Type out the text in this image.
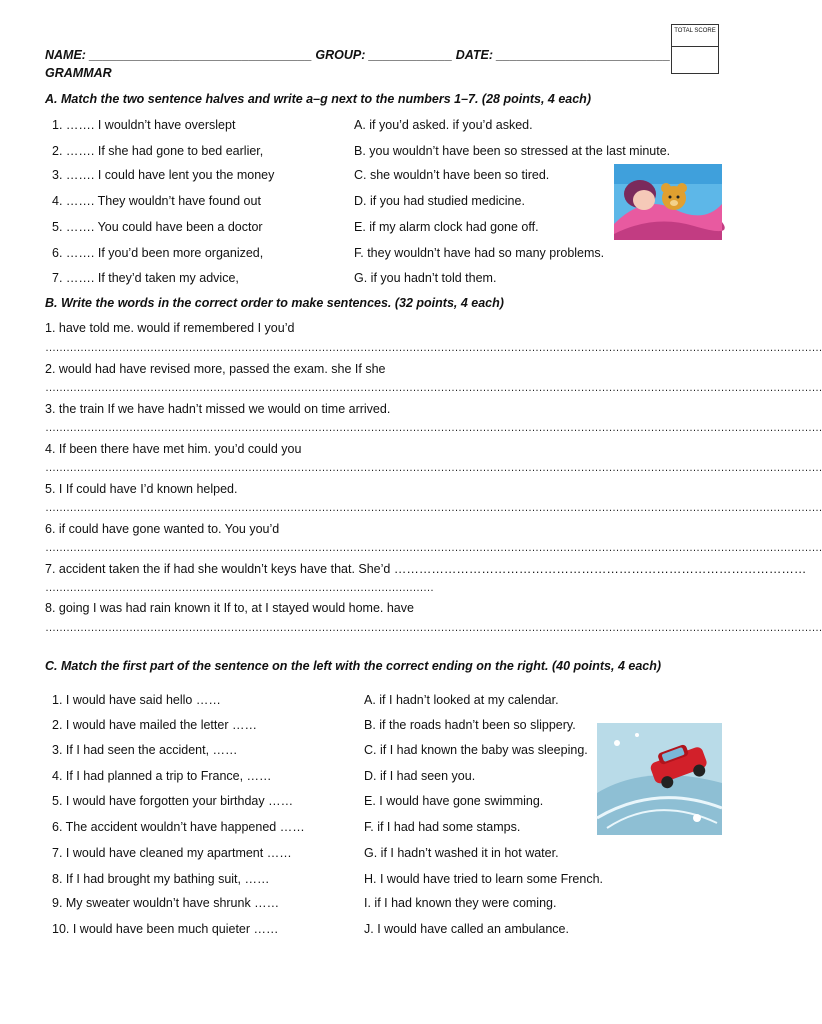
TOTAL SCORE
NAME: ________________________________ GROUP: ____________ DATE: _________________________
GRAMMAR
A. Match the two sentence halves and write a–g next to the numbers 1–7. (28 points, 4 each)
1. ……. I wouldn’t have overslept
2. ……. If she had gone to bed earlier,
3. ……. I could have lent you the money
4. ……. They wouldn’t have found out
5. ……. You could have been a doctor
6. ……. If you’d been more organized,
7. ……. If they’d taken my advice,
A. if you’d asked. if you’d asked.
B. you wouldn’t have been so stressed at the last minute.
C. she wouldn’t have been so tired.
D. if you had studied medicine.
E. if my alarm clock had gone off.
F. they wouldn’t have had so many problems.
G. if you hadn’t told them.
B. Write the words in the correct order to make sentences. (32 points, 4 each)
1. have told me. would if remembered I you’d
……………………………………………………………………………………………………………………………………………………………………………………………………
2. would had have revised more, passed the exam. she If she
……………………………………………………………………………………………………………………………………………………………………………………………………
3. the train If we have hadn’t missed we would on time arrived.
……………………………………………………………………………………………………………………………………………………………………………………………………
4. If been there have met him. you’d could you
……………………………………………………………………………………………………………………………………………………………………………………………………
5. I If could have I’d known helped.
……………………………………………………………………………………………………………………………………………………………………………………………………
6. if could have gone wanted to. You you’d
……………………………………………………………………………………………………………………………………………………………………………………………………
7. accident taken the if had she wouldn’t keys have that. She’d ………………………………………………………………………………………
…………………………………………………………………………………………………
8. going I was had rain known it If to, at I stayed would home. have
……………………………………………………………………………………………………………………………………………………………………………………………………
C. Match the first part of the sentence on the left with the correct ending on the right. (40 points, 4 each)
1. I would have said hello ……
2. I would have mailed the letter ……
3. If I had seen the accident, ……
4. If I had planned a trip to France, ……
5. I would have forgotten your birthday ……
6. The accident wouldn’t have happened ……
7. I would have cleaned my apartment ……
8. If I had brought my bathing suit, ……
9. My sweater wouldn’t have shrunk ……
10. I would have been much quieter ……
A. if I hadn’t looked at my calendar.
B. if the roads hadn’t been so slippery.
C. if I had known the baby was sleeping.
D. if I had seen you.
E. I would have gone swimming.
F. if I had had some stamps.
G. if I hadn’t washed it in hot water.
H. I would have tried to learn some French.
I. if I had known they were coming.
J. I would have called an ambulance.
